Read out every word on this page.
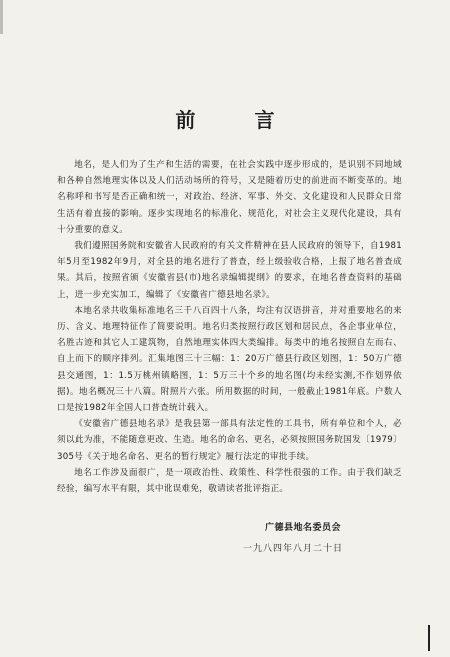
前 言

地名，是人们为了生产和生活的需要，在社会实践中逐步形成的，是识别不同地域和各种自然地理实体以及人们活动场所的符号，又是随着历史的前进而不断变革的。地名称呼和书写是否正确和统一，对政治、经济、军事、外交、文化建设和人民群众日常生活有着直接的影响。逐步实现地名的标准化、规范化，对社会主义现代化建设，具有十分重要的意义。

我们遵照国务院和安徽省人民政府的有关文件精神在县人民政府的领导下，自1981年5月至1982年9月，对全县的地名进行了普查，经上级验收合格，上报了地名普查成果。其后，按照省颁《安徽省县(市)地名录编辑提纲》的要求，在地名普查资料的基础上，进一步充实加工，编辑了《安徽省广德县地名录》。

本地名录共收集标准地名三千八百四十八条，均注有汉语拼音，并对重要地名的来历、含义、地理特征作了简要说明。地名归类按照行政区划和居民点，各企事业单位，名胜古迹和其它人工建筑物，自然地理实体四大类编排。每类中的地名按照自左而右、自上而下的顺序排列。汇集地图三十三幅：1：20万广德县行政区划图，1：50万广德县交通图，1：1.5万桃州镇略图，1：5万三十个乡的地名图(均未经实测,不作划界依据)。地名概况三十八篇。附照片六张。所用数据的时间，一般截止1981年底。户数人口是按1982年全国人口普查统计载入。

《安徽省广德县地名录》是我县第一部具有法定性的工具书，所有单位和个人，必须以此为准，不能随意更改、生造。地名的命名、更名，必须按照国务院国发〔1979〕305号《关于地名命名、更名的暂行规定》履行法定的审批手续。

地名工作涉及面很广，是一项政治性、政策性、科学性很强的工作。由于我们缺乏经验，编写水平有限，其中讹误难免，敬请读者批评指正。

广德县地名委员会
一九八四年八月二十日
